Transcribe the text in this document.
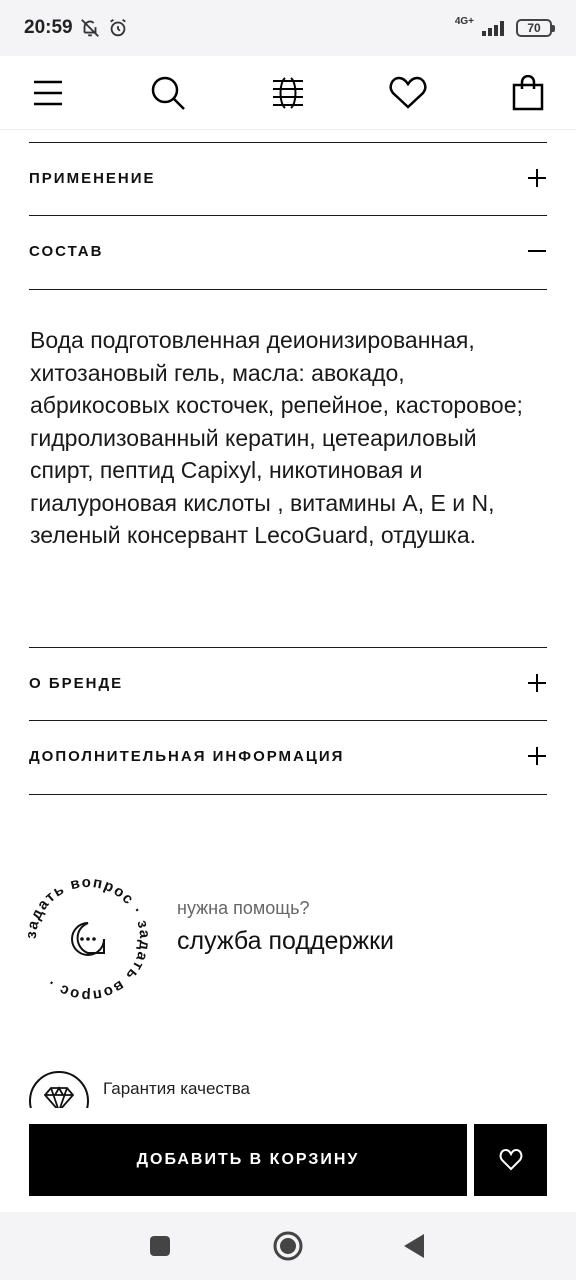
20:59	4G+	70
ПРИМЕНЕНИЕ
СОСТАВ
Вода подготовленная деионизированная, хитозановый гель, масла: авокадо, абрикосовых косточек, репейное, касторовое; гидролизованный кератин, цетеариловый спирт, пептид Capixyl, никотиновая и гиалуроновая кислоты , витамины А, Е и N, зеленый консервант LecoGuard, отдушка.
О БРЕНДЕ
ДОПОЛНИТЕЛЬНАЯ ИНФОРМАЦИЯ
задать вопрос · задать вопрос ·
нужна помощь?
служба поддержки
Гарантия качества
ДОБАВИТЬ В КОРЗИНУ
